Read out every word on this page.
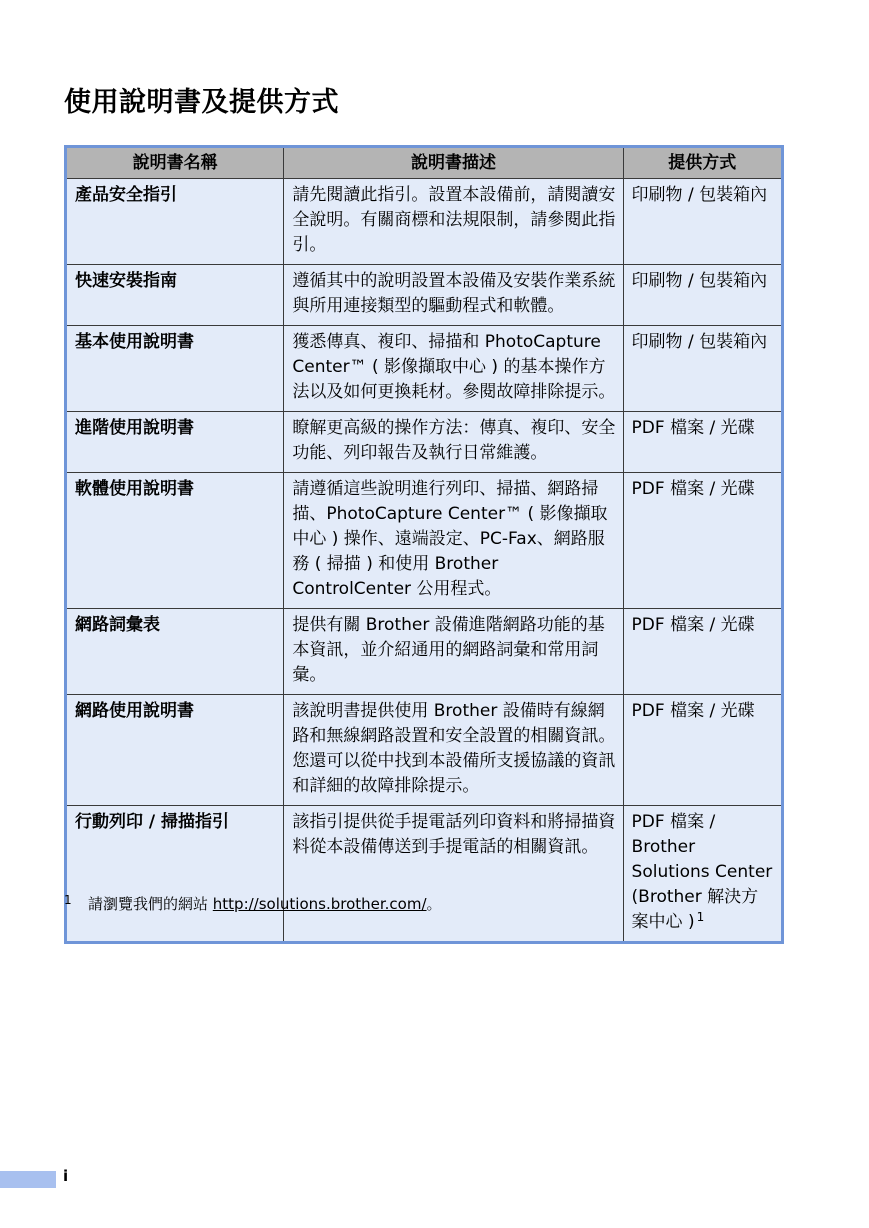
使用說明書及提供方式
說明書名稱	說明書描述	提供方式
產品安全指引	請先閱讀此指引。設置本設備前，請閱讀安全說明。有關商標和法規限制，請參閱此指引。	印刷物 / 包裝箱內
快速安裝指南	遵循其中的說明設置本設備及安裝作業系統與所用連接類型的驅動程式和軟體。	印刷物 / 包裝箱內
基本使用說明書	獲悉傳真、複印、掃描和 PhotoCapture Center™ ( 影像擷取中心 ) 的基本操作方法以及如何更換耗材。參閱故障排除提示。	印刷物 / 包裝箱內
進階使用說明書	瞭解更高級的操作方法：傳真、複印、安全功能、列印報告及執行日常維護。	PDF 檔案 / 光碟
軟體使用說明書	請遵循這些說明進行列印、掃描、網路掃描、PhotoCapture Center™ ( 影像擷取中心 ) 操作、遠端設定、PC-Fax、網路服務 ( 掃描 ) 和使用 Brother ControlCenter 公用程式。	PDF 檔案 / 光碟
網路詞彙表	提供有關 Brother 設備進階網路功能的基本資訊，並介紹通用的網路詞彙和常用詞彙。	PDF 檔案 / 光碟
網路使用說明書	該說明書提供使用 Brother 設備時有線網路和無線網路設置和安全設置的相關資訊。您還可以從中找到本設備所支援協議的資訊和詳細的故障排除提示。	PDF 檔案 / 光碟
行動列印 / 掃描指引	該指引提供從手提電話列印資料和將掃描資料從本設備傳送到手提電話的相關資訊。	PDF 檔案 / Brother Solutions Center (Brother 解決方案中心 ) $^1$
1 請瀏覽我們的網站 http://solutions.brother.com/。
i
